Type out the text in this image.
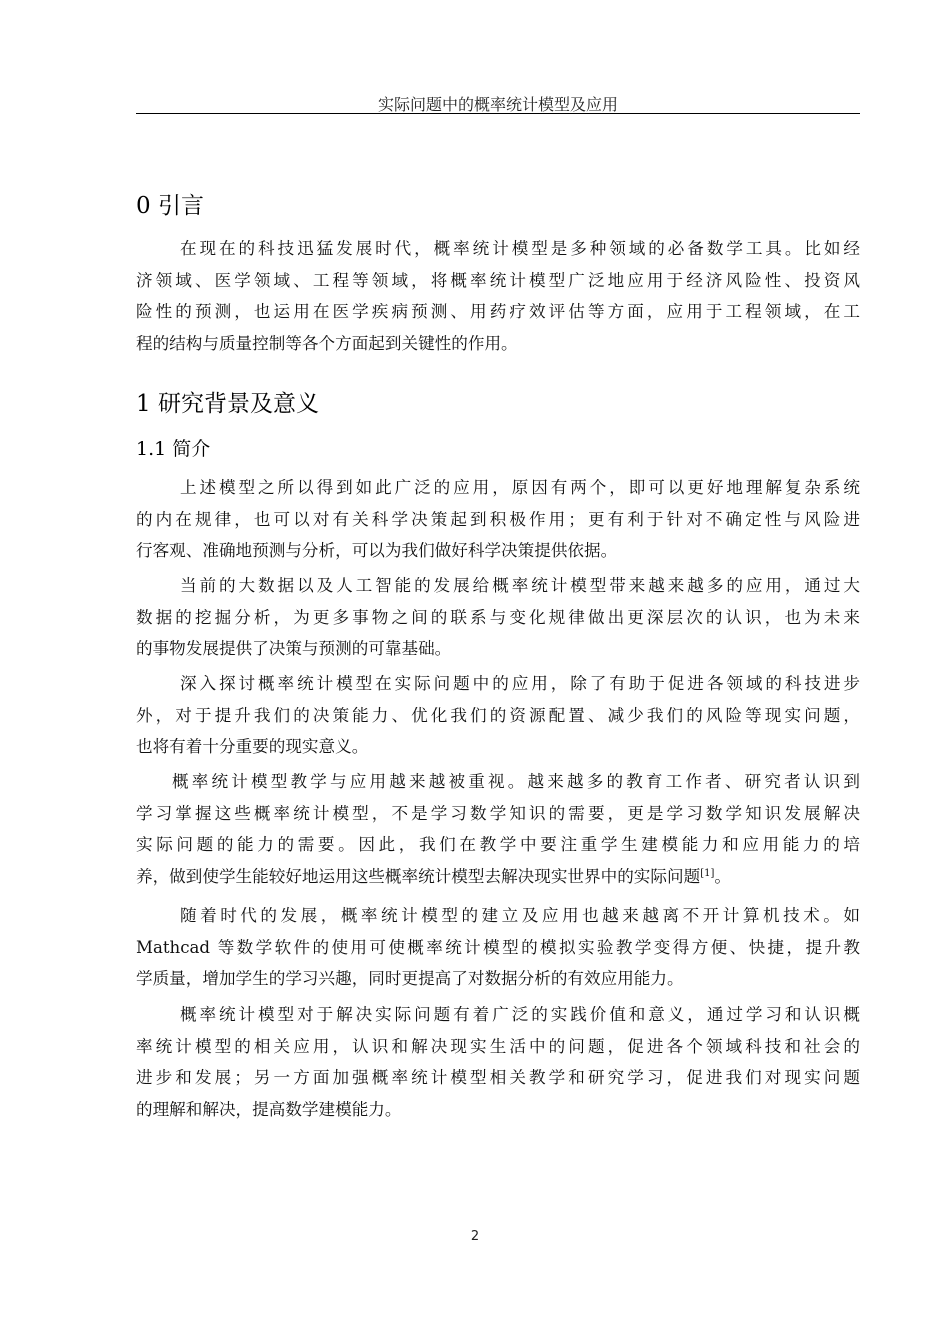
实际问题中的概率统计模型及应用
0 引言

在现在的科技迅猛发展时代，概率统计模型是多种领域的必备数学工具。比如经
济领域、医学领域、工程等领域，将概率统计模型广泛地应用于经济风险性、投资风
险性的预测，也运用在医学疾病预测、用药疗效评估等方面，应用于工程领域，在工
程的结构与质量控制等各个方面起到关键性的作用。

1 研究背景及意义
1.1 简介

上述模型之所以得到如此广泛的应用，原因有两个，即可以更好地理解复杂系统
的内在规律，也可以对有关科学决策起到积极作用；更有利于针对不确定性与风险进
行客观、准确地预测与分析，可以为我们做好科学决策提供依据。

当前的大数据以及人工智能的发展给概率统计模型带来越来越多的应用，通过大
数据的挖掘分析，为更多事物之间的联系与变化规律做出更深层次的认识，也为未来
的事物发展提供了决策与预测的可靠基础。

深入探讨概率统计模型在实际问题中的应用，除了有助于促进各领域的科技进步
外，对于提升我们的决策能力、优化我们的资源配置、减少我们的风险等现实问题，
也将有着十分重要的现实意义。

概率统计模型教学与应用越来越被重视。越来越多的教育工作者、研究者认识到
学习掌握这些概率统计模型，不是学习数学知识的需要，更是学习数学知识发展解决
实际问题的能力的需要。因此，我们在教学中要注重学生建模能力和应用能力的培
养，做到使学生能较好地运用这些概率统计模型去解决现实世界中的实际问题[1]。

随着时代的发展，概率统计模型的建立及应用也越来越离不开计算机技术。如
Mathcad 等数学软件的使用可使概率统计模型的模拟实验教学变得方便、快捷，提升教
学质量，增加学生的学习兴趣，同时更提高了对数据分析的有效应用能力。

概率统计模型对于解决实际问题有着广泛的实践价值和意义，通过学习和认识概
率统计模型的相关应用，认识和解决现实生活中的问题，促进各个领域科技和社会的
进步和发展；另一方面加强概率统计模型相关教学和研究学习，促进我们对现实问题
的理解和解决，提高数学建模能力。

2
